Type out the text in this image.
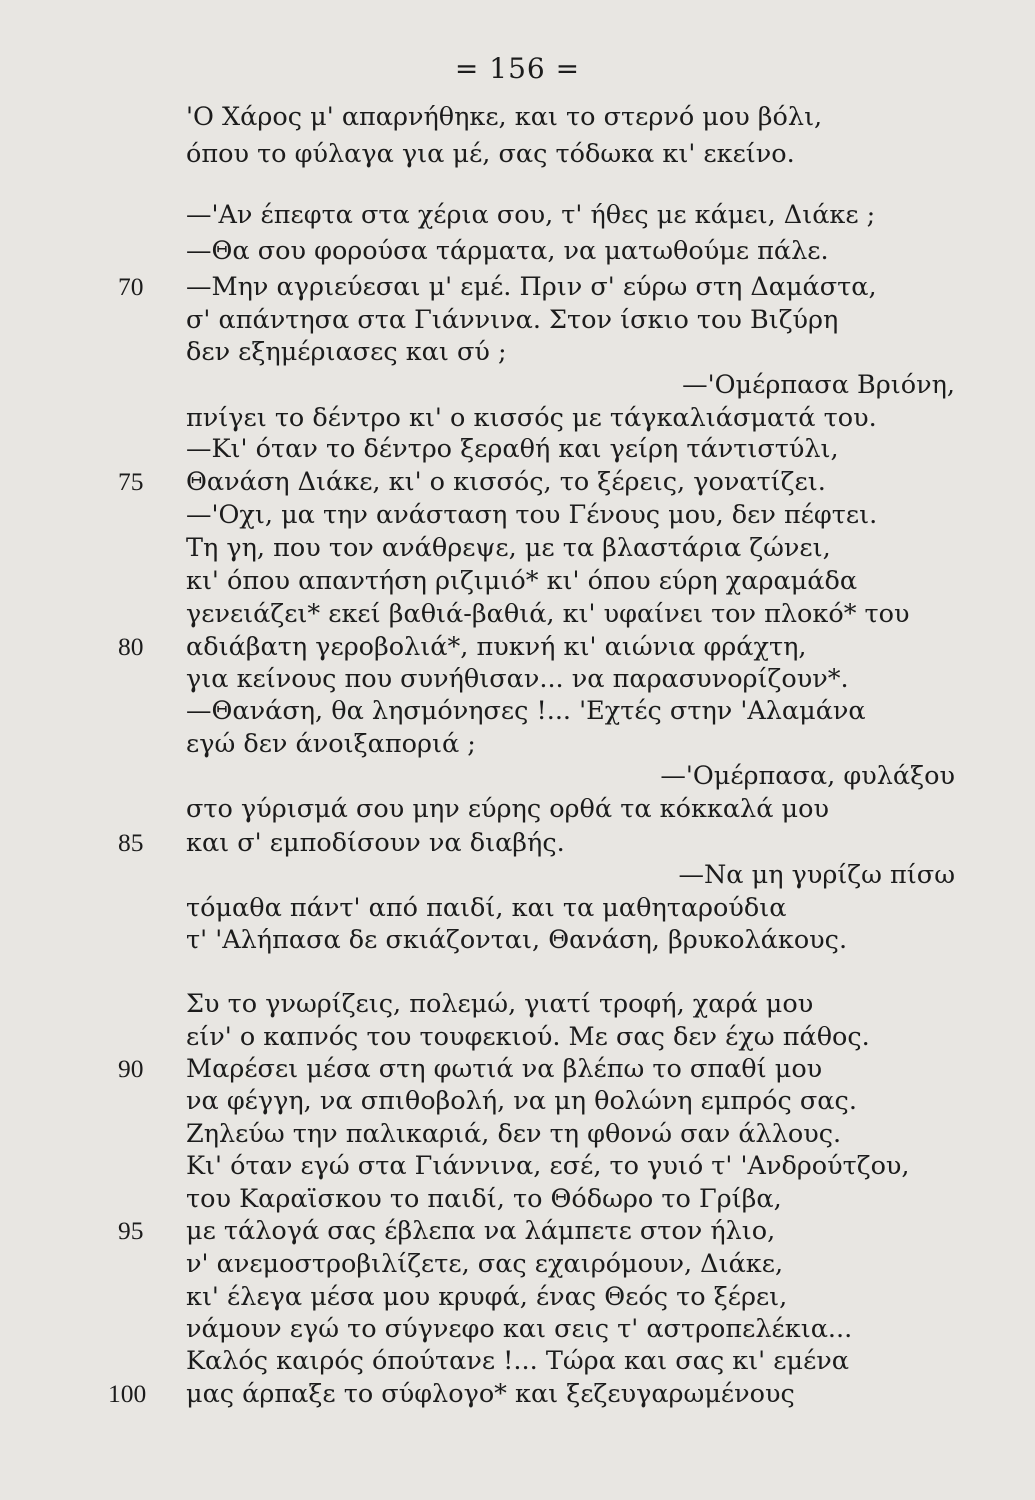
= 156 =
'Ο Χάρος μ' απαρνήθηκε, και το στερνό μου βόλι,
όπου το φύλαγα για μέ, σας τόδωκα κι' εκείνο.
—'Αν έπεφτα στα χέρια σου, τ' ήθες με κάμει, Διάκε ;
—Θα σου φορούσα τάρματα, να ματωθούμε πάλε.
70	—Μην αγριεύεσαι μ' εμέ. Πριν σ' εύρω στη Δαμάστα,
σ' απάντησα στα Γιάννινα. Στον ίσκιο του Βιζύρη
δεν εξημέριασες και σύ ;
—'Ομέρπασα Βριόνη,
πνίγει το δέντρο κι' ο κισσός με τάγκαλιάσματά του.
—Κι' όταν το δέντρο ξεραθή και γείρη τάντιστύλι,
75	Θανάση Διάκε, κι' ο κισσός, το ξέρεις, γονατίζει.
—'Οχι, μα την ανάσταση του Γένους μου, δεν πέφτει.
Τη γη, που τον ανάθρεψε, με τα βλαστάρια ζώνει,
κι' όπου απαντήση ριζιμιό* κι' όπου εύρη χαραμάδα
γενειάζει* εκεί βαθιά-βαθιά, κι' υφαίνει τον πλοκό* του
80	αδιάβατη γεροβολιά*, πυκνή κι' αιώνια φράχτη,
για κείνους που συνήθισαν... να παρασυνορίζουν*.
—Θανάση, θα λησμόνησες !... 'Εχτές στην 'Αλαμάνα
εγώ δεν άνοιξαποριά ;
—'Ομέρπασα, φυλάξου
στο γύρισμά σου μην εύρης ορθά τα κόκκαλά μου
85	και σ' εμποδίσουν να διαβής.
—Να μη γυρίζω πίσω
τόμαθα πάντ' από παιδί, και τα μαθηταρούδια
τ' 'Αλήπασα δε σκιάζονται, Θανάση, βρυκολάκους.
Συ το γνωρίζεις, πολεμώ, γιατί τροφή, χαρά μου
είν' ο καπνός του τουφεκιού. Με σας δεν έχω πάθος.
90	Μαρέσει μέσα στη φωτιά να βλέπω το σπαθί μου
να φέγγη, να σπιθοβολή, να μη θολώνη εμπρός σας.
Ζηλεύω την παλικαριά, δεν τη φθονώ σαν άλλους.
Κι' όταν εγώ στα Γιάννινα, εσέ, το γυιό τ' 'Ανδρούτζου,
του Καραϊσκου το παιδί, το Θόδωρο το Γρίβα,
95	με τάλογά σας έβλεπα να λάμπετε στον ήλιο,
ν' ανεμοστροβιλίζετε, σας εχαιρόμουν, Διάκε,
κι' έλεγα μέσα μου κρυφά, ένας Θεός το ξέρει,
νάμουν εγώ το σύγνεφο και σεις τ' αστροπελέκια...
Καλός καιρός όπούτανε !... Τώρα και σας κι' εμένα
100	μας άρπαξε το σύφλογο* και ξεζευγαρωμένους
